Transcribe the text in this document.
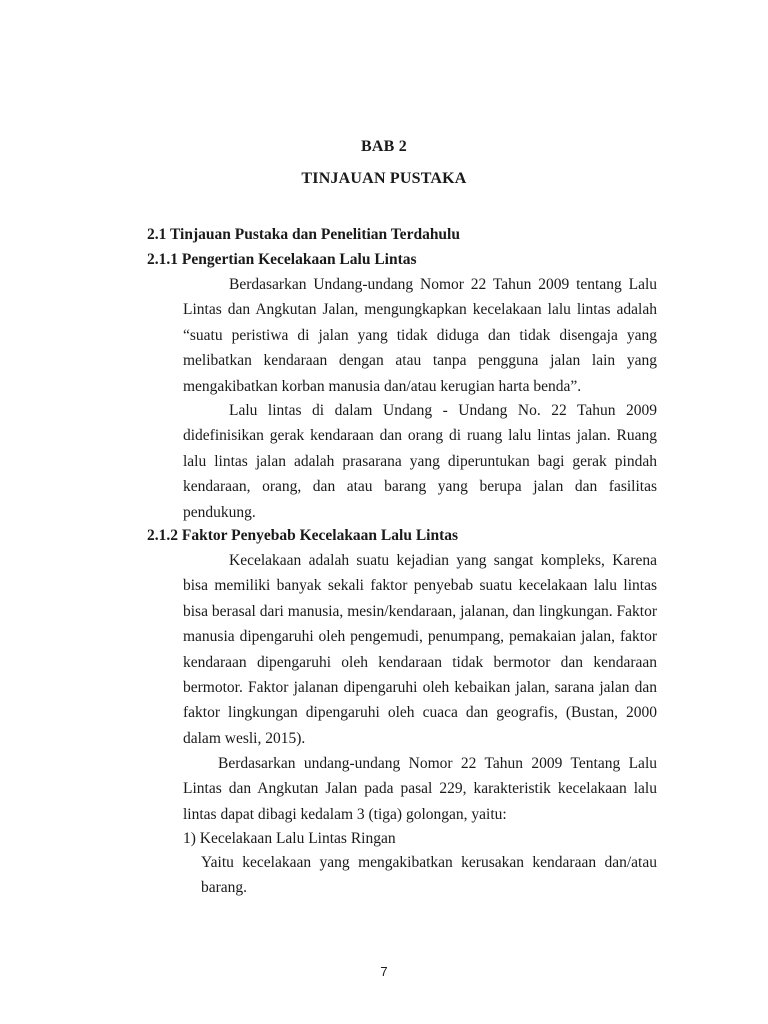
BAB 2
TINJAUAN PUSTAKA
2.1 Tinjauan Pustaka dan Penelitian Terdahulu
2.1.1 Pengertian Kecelakaan Lalu Lintas
Berdasarkan Undang-undang Nomor 22 Tahun 2009 tentang Lalu Lintas dan Angkutan Jalan, mengungkapkan kecelakaan lalu lintas adalah “suatu peristiwa di jalan yang tidak diduga dan tidak disengaja yang melibatkan kendaraan dengan atau tanpa pengguna jalan lain yang mengakibatkan korban manusia dan/atau kerugian harta benda”.
Lalu lintas di dalam Undang - Undang No. 22 Tahun 2009 didefinisikan gerak kendaraan dan orang di ruang lalu lintas jalan. Ruang lalu lintas jalan adalah prasarana yang diperuntukan bagi gerak pindah kendaraan, orang, dan atau barang yang berupa jalan dan fasilitas pendukung.
2.1.2 Faktor Penyebab Kecelakaan Lalu Lintas
Kecelakaan adalah suatu kejadian yang sangat kompleks, Karena bisa memiliki banyak sekali faktor penyebab suatu kecelakaan lalu lintas bisa berasal dari manusia, mesin/kendaraan, jalanan, dan lingkungan. Faktor manusia dipengaruhi oleh pengemudi, penumpang, pemakaian jalan, faktor kendaraan dipengaruhi oleh kendaraan tidak bermotor dan kendaraan bermotor. Faktor jalanan dipengaruhi oleh kebaikan jalan, sarana jalan dan faktor lingkungan dipengaruhi oleh cuaca dan geografis, (Bustan, 2000 dalam wesli, 2015).
Berdasarkan undang-undang Nomor 22 Tahun 2009 Tentang Lalu Lintas dan Angkutan Jalan pada pasal 229, karakteristik kecelakaan lalu lintas dapat dibagi kedalam 3 (tiga) golongan, yaitu:
1) Kecelakaan Lalu Lintas Ringan
Yaitu kecelakaan yang mengakibatkan kerusakan kendaraan dan/atau barang.
7
